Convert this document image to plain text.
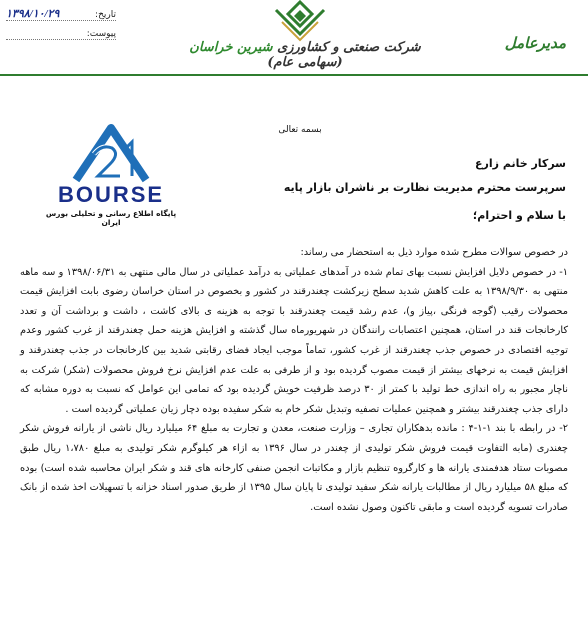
۱۳۹۸/۱۰/۲۹	تاریخ:
پیوست:
شرکت صنعتی و کشاورزی شیرین خراسان (سهامی عام)
مدیرعامل
BOURSE
پایگاه اطلاع رسانی و تحلیلی بورس ایران
بسمه تعالی
سرکار خانم زارع
سرپرست محترم مدیریت نظارت بر ناشران بازار پایه
با سلام و احترام؛

در خصوص سوالات مطرح شده موارد ذیل به استحضار می رساند:

۱- در خصوص دلایل افزایش نسبت بهای تمام شده در آمدهای عملیاتی به درآمد عملیاتی در سال مالی منتهی به ۱۳۹۸/۰۶/۳۱ و سه ماهه منتهی به ۱۳۹۸/۹/۳۰ به علت کاهش شدید سطح زیرکشت چغندرقند در کشور و بخصوص در استان خراسان رضوی بابت افزایش قیمت محصولات رقیب (گوجه فرنگی ،پیاز و)، عدم رشد قیمت چغندرقند با توجه به هزینه ی بالای کاشت ، داشت و برداشت آن و تعدد کارخانجات قند در استان، همچنین اعتصابات رانندگان در شهریورماه سال گذشته و افزایش هزینه حمل چغندرقند از غرب کشور وعدم توجیه اقتصادی در خصوص جذب چغندرقند از غرب کشور، تماماً موجب ایجاد فضای رقابتی شدید بین کارخانجات در جذب چغندرقند و افزایش قیمت به نرخهای بیشتر از قیمت مصوب گردیده بود و از طرفی به علت عدم افزایش نرخ فروش محصولات (شکر) شرکت به ناچار مجبور به راه اندازی خط تولید با کمتر از ۳۰ درصد ظرفیت خویش گردیده بود که تمامی این عوامل که نسبت به دوره مشابه که دارای جذب چغندرقند بیشتر و همچنین عملیات تصفیه وتبدیل شکر خام به شکر سفیده بوده دچار زیان عملیاتی گردیده است .

۲- در رابطه با بند ۱-۱-۴ : مانده بدهکاران تجاری – وزارت صنعت، معدن و تجارت به مبلغ ۶۴ میلیارد ریال ناشی از یارانه فروش شکر چغندری (مابه التفاوت قیمت فروش شکر تولیدی از چغندر در سال ۱۳۹۶ به ازاء هر کیلوگرم شکر تولیدی به مبلغ ۱،۷۸۰ ریال طبق مصوبات ستاد هدفمندی یارانه ها و کارگروه تنظیم بازار و مکاتبات انجمن صنفی کارخانه های قند و شکر ایران محاسبه شده است) بوده که مبلغ ۵۸ میلیارد ریال از مطالبات یارانه شکر سفید تولیدی تا پایان سال ۱۳۹۵ از طریق صدور اسناد خزانه با تسهیلات اخذ شده از بانک صادرات تسویه گردیده است و مابقی تاکنون وصول نشده است.
